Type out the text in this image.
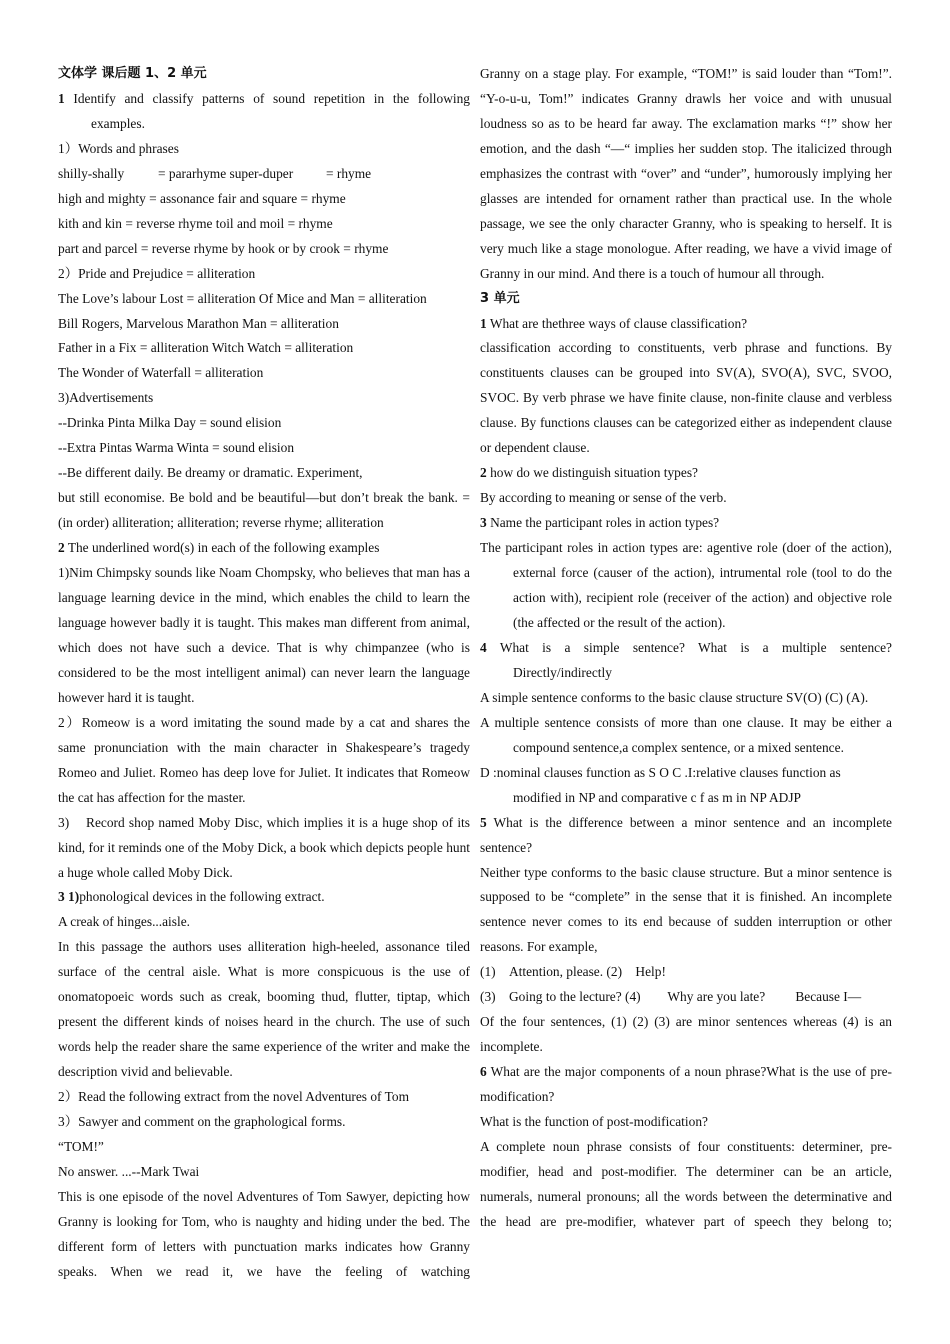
文体学 课后题 1、2 单元

1 Identify and classify patterns of sound repetition in the following examples.

1）Words and phrases

shilly-shally	= pararhyme super-duper = rhyme

high and mighty = assonance fair and square = rhyme

kith and kin = reverse rhyme toil and moil = rhyme

part and parcel = reverse rhyme by hook or by crook = rhyme

2）Pride and Prejudice = alliteration

The Love’s labour Lost = alliteration Of Mice and Man = alliteration

Bill Rogers, Marvelous Marathon Man = alliteration

Father in a Fix = alliteration Witch Watch = alliteration

The Wonder of Waterfall = alliteration

3)Advertisements

--Drinka Pinta Milka Day = sound elision

--Extra Pintas Warma Winta = sound elision

--Be different daily. Be dreamy or dramatic. Experiment,

but still economise. Be bold and be beautiful—but don’t break the bank. = (in order) alliteration; alliteration; reverse rhyme; alliteration

2 The underlined word(s) in each of the following examples

1)Nim Chimpsky sounds like Noam Chompsky, who believes that man has a language learning device in the mind, which enables the child to learn the language however badly it is taught. This makes man different from animal, which does not have such a device. That is why chimpanzee (who is considered to be the most intelligent animal) can never learn the language however hard it is taught.

2）Romeow is a word imitating the sound made by a cat and shares the same pronunciation with the main character in Shakespeare’s tragedy Romeo and Juliet. Romeo has deep love for Juliet. It indicates that Romeow the cat has affection for the master.

3)    Record shop named Moby Disc, which implies it is a huge shop of its kind, for it reminds one of the Moby Dick, a book which depicts people hunt a huge whole called Moby Dick.

3 1)phonological devices in the following extract.

A creak of hinges...aisle.

In this passage the authors uses alliteration high-heeled, assonance tiled surface of the central aisle. What is more conspicuous is the use of onomatopoeic words such as creak, booming thud, flutter, tiptap, which present the different kinds of noises heard in the church. The use of such words help the reader share the same experience of the writer and make the description vivid and believable.

2）Read the following extract from the novel Adventures of Tom

3）Sawyer and comment on the graphological forms.

“TOM!”

No answer. ...--Mark Twai

This is one episode of the novel Adventures of Tom Sawyer, depicting how Granny is looking for Tom, who is naughty and hiding under the bed. The different form of letters with punctuation marks indicates how Granny speaks. When we read it, we have the feeling of watching

Granny on a stage play. For example, “TOM!” is said louder than “Tom!”. “Y-o-u-u, Tom!” indicates Granny drawls her voice and with unusual loudness so as to be heard far away. The exclamation marks “!” show her emotion, and the dash “—“ implies her sudden stop. The italicized through emphasizes the contrast with “over” and “under”, humorously implying her glasses are intended for ornament rather than practical use. In the whole passage, we see the only character Granny, who is speaking to herself. It is very much like a stage monologue. After reading, we have a vivid image of Granny in our mind. And there is a touch of humour all through.

3 单元

1 What are thethree ways of clause classification?

classification according to constituents, verb phrase and functions. By constituents clauses can be grouped into SV(A), SVO(A), SVC, SVOO, SVOC. By verb phrase we have finite clause, non-finite clause and verbless clause. By functions clauses can be categorized either as independent clause or dependent clause.

2 how do we distinguish situation types?

By according to meaning or sense of the verb.

3 Name the participant roles in action types?

The participant roles in action types are: agentive role (doer of the action), external force (causer of the action), intrumental role (tool to do the action with), recipient role (receiver of the action) and objective role (the affected or the result of the action).

4 What is a simple sentence? What is a multiple sentence? Directly/indirectly

A simple sentence conforms to the basic clause structure SV(O) (C) (A).

A multiple sentence consists of more than one clause. It may be either a compound sentence,a complex sentence, or a mixed sentence.

D :nominal clauses function as S O C .I:relative clauses function as modified in NP and comparative c f as m in NP ADJP

5 What is the difference between a minor sentence and an incomplete sentence?

Neither type conforms to the basic clause structure. But a minor sentence is supposed to be “complete” in the sense that it is finished. An incomplete sentence never comes to its end because of sudden interruption or other reasons. For example,

(1)    Attention, please. (2)    Help!

(3)    Going to the lecture? (4)        Why are you late?         Because I—

Of the four sentences, (1) (2) (3) are minor sentences whereas (4) is an incomplete.

6 What are the major components of a noun phrase?What is the use of pre-modification?

What is the function of post-modification?

A complete noun phrase consists of four constituents: determiner, pre-modifier, head and post-modifier. The determiner can be an article, numerals, numeral pronouns; all the words between the determinative and the head are pre-modifier, whatever part of speech they belong to;
